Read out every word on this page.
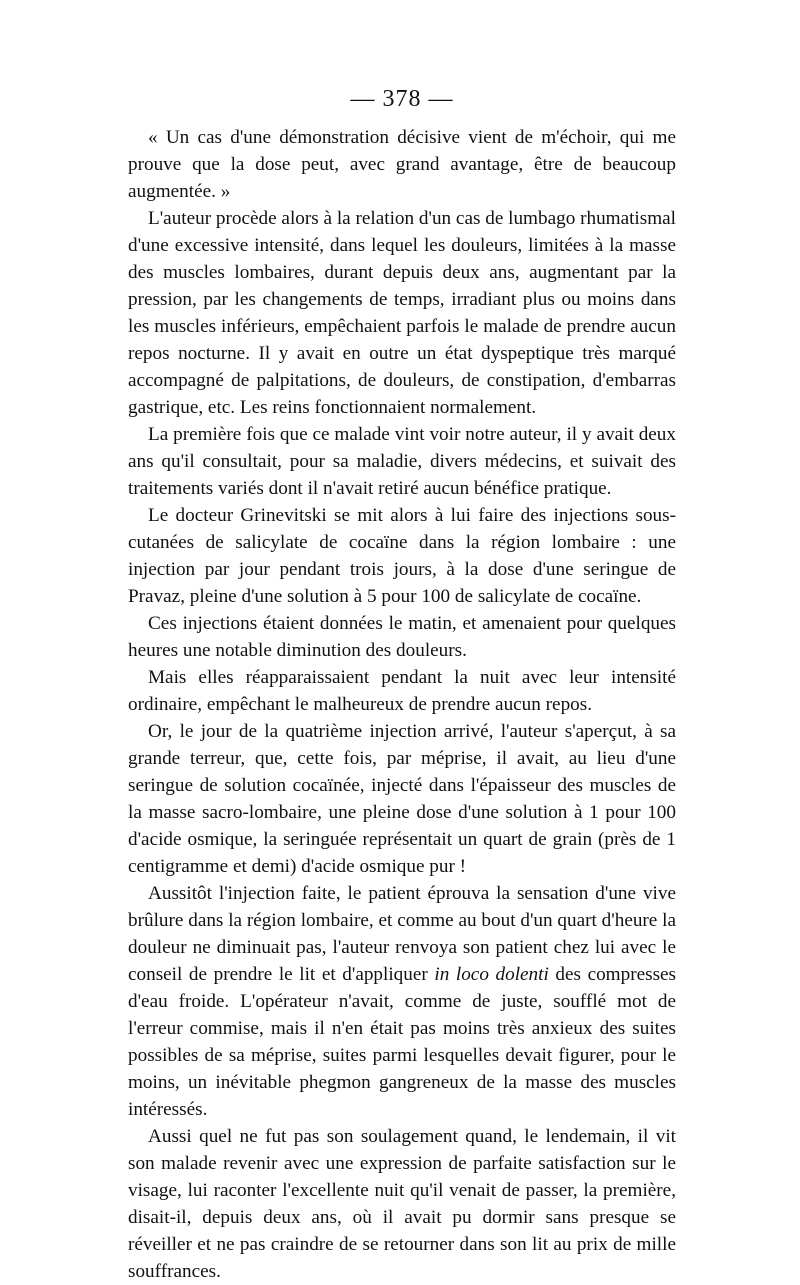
— 378 —

« Un cas d'une démonstration décisive vient de m'échoir, qui me prouve que la dose peut, avec grand avantage, être de beaucoup augmentée. »

L'auteur procède alors à la relation d'un cas de lumbago rhumatismal d'une excessive intensité, dans lequel les douleurs, limitées à la masse des muscles lombaires, durant depuis deux ans, augmentant par la pression, par les changements de temps, irradiant plus ou moins dans les muscles inférieurs, empêchaient parfois le malade de prendre aucun repos nocturne. Il y avait en outre un état dyspeptique très marqué accompagné de palpitations, de douleurs, de constipation, d'embarras gastrique, etc. Les reins fonctionnaient normalement.

La première fois que ce malade vint voir notre auteur, il y avait deux ans qu'il consultait, pour sa maladie, divers médecins, et suivait des traitements variés dont il n'avait retiré aucun bénéfice pratique.

Le docteur Grinevitski se mit alors à lui faire des injections sous-cutanées de salicylate de cocaïne dans la région lombaire : une injection par jour pendant trois jours, à la dose d'une seringue de Pravaz, pleine d'une solution à 5 pour 100 de salicylate de cocaïne.

Ces injections étaient données le matin, et amenaient pour quelques heures une notable diminution des douleurs.

Mais elles réapparaissaient pendant la nuit avec leur intensité ordinaire, empêchant le malheureux de prendre aucun repos.

Or, le jour de la quatrième injection arrivé, l'auteur s'aperçut, à sa grande terreur, que, cette fois, par méprise, il avait, au lieu d'une seringue de solution cocaïnée, injecté dans l'épaisseur des muscles de la masse sacro-lombaire, une pleine dose d'une solution à 1 pour 100 d'acide osmique, la seringuée représentait un quart de grain (près de 1 centigramme et demi) d'acide osmique pur !

Aussitôt l'injection faite, le patient éprouva la sensation d'une vive brûlure dans la région lombaire, et comme au bout d'un quart d'heure la douleur ne diminuait pas, l'auteur renvoya son patient chez lui avec le conseil de prendre le lit et d'appliquer in loco dolenti des compresses d'eau froide. L'opérateur n'avait, comme de juste, soufflé mot de l'erreur commise, mais il n'en était pas moins très anxieux des suites possibles de sa méprise, suites parmi lesquelles devait figurer, pour le moins, un inévitable phegmon gangreneux de la masse des muscles intéressés.

Aussi quel ne fut pas son soulagement quand, le lendemain, il vit son malade revenir avec une expression de parfaite satisfaction sur le visage, lui raconter l'excellente nuit qu'il venait de passer, la première, disait-il, depuis deux ans, où il avait pu dormir sans presque se réveiller et ne pas craindre de se retourner dans son lit au prix de mille souffrances.
